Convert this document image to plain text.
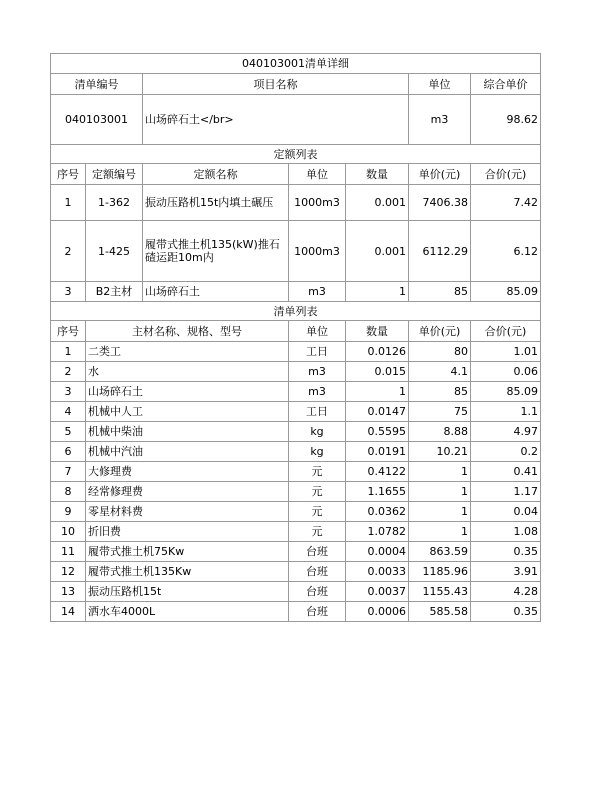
040103001清单详细						
清单编号		项目名称			单位	综合单价
040103001		山场碎石土</br>			m3	98.62
定额列表						
序号	定额编号	定额名称	单位	数量	单价(元)	合价(元)
1	1-362	振动压路机15t内填土碾压	1000m3	0.001	7406.38	7.42
2	1-425	履带式推土机135(kW)推石碴运距10m内	1000m3	0.001	6112.29	6.12
3	B2主材	山场碎石土	m3	1	85	85.09
清单列表						
序号	主材名称、规格、型号		单位	数量	单价(元)	合价(元)
1	二类工		工日	0.0126	80	1.01
2	水		m3	0.015	4.1	0.06
3	山场碎石土		m3	1	85	85.09
4	机械中人工		工日	0.0147	75	1.1
5	机械中柴油		kg	0.5595	8.88	4.97
6	机械中汽油		kg	0.0191	10.21	0.2
7	大修理费		元	0.4122	1	0.41
8	经常修理费		元	1.1655	1	1.17
9	零星材料费		元	0.0362	1	0.04
10	折旧费		元	1.0782	1	1.08
11	履带式推土机75Kw		台班	0.0004	863.59	0.35
12	履带式推土机135Kw		台班	0.0033	1185.96	3.91
13	振动压路机15t		台班	0.0037	1155.43	4.28
14	洒水车4000L		台班	0.0006	585.58	0.35
